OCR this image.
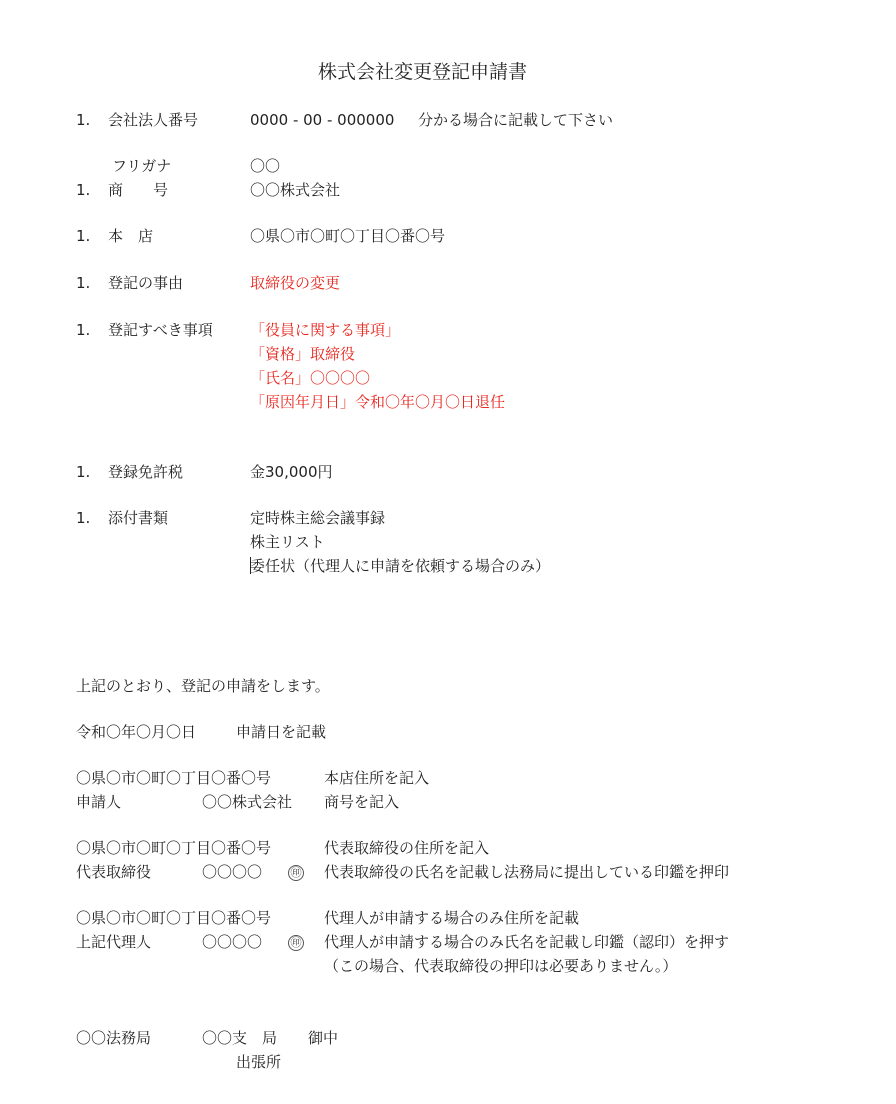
株式会社変更登記申請書
1. 会社法人番号	0000 - 00 - 000000 分かる場合に記載して下さい
フリガナ	〇〇
1. 商　　号	〇〇株式会社
1. 本　店	〇県〇市〇町〇丁目〇番〇号
1. 登記の事由	取締役の変更
1. 登記すべき事項 「役員に関する事項」
「資格」取締役
「氏名」〇〇〇〇
「原因年月日」令和〇年〇月〇日退任
1. 登録免許税	金30,000円
1. 添付書類	定時株主総会議事録
株主リスト
委任状（代理人に申請を依頼する場合のみ）
上記のとおり、登記の申請をします。
令和〇年〇月〇日	申請日を記載
〇県〇市〇町〇丁目〇番〇号	本店住所を記入
申請人	〇〇株式会社 商号を記入
〇県〇市〇町〇丁目〇番〇号	代表取締役の住所を記入
代表取締役	〇〇〇〇	㊞ 代表取締役の氏名を記載し法務局に提出している印鑑を押印
〇県〇市〇町〇丁目〇番〇号	代理人が申請する場合のみ住所を記載
上記代理人	〇〇〇〇	㊞ 代理人が申請する場合のみ氏名を記載し印鑑（認印）を押す
（この場合、代表取締役の押印は必要ありません。）
〇〇法務局	〇〇支　局 御中
出張所
